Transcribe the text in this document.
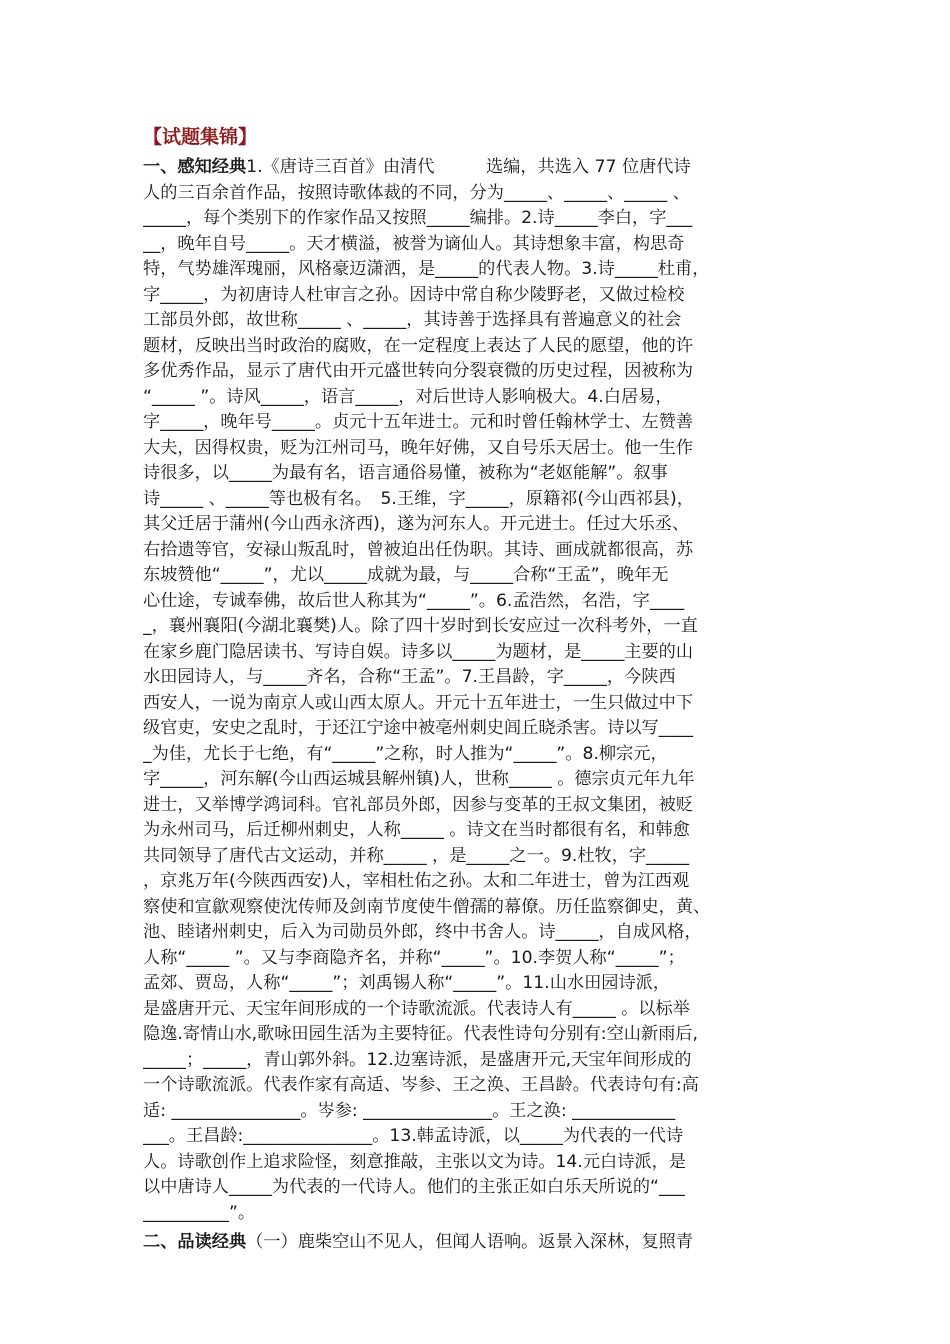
【试题集锦】
一、感知经典1.《唐诗三百首》由清代　　　选编，共选入 77 位唐代诗
人的三百余首作品，按照诗歌体裁的不同，分为_____、_____、_____ 、
_____，每个类别下的作家作品又按照_____编排。2.诗_____李白，字___
__，晚年自号_____。天才横溢，被誉为谪仙人。其诗想象丰富，构思奇
特，气势雄浑瑰丽，风格豪迈潇洒，是_____的代表人物。3.诗_____杜甫，
字_____，为初唐诗人杜审言之孙。因诗中常自称少陵野老，又做过检校
工部员外郎，故世称_____ 、_____，其诗善于选择具有普遍意义的社会
题材，反映出当时政治的腐败，在一定程度上表达了人民的愿望，他的许
多优秀作品，显示了唐代由开元盛世转向分裂衰微的历史过程，因被称为
“_____ ”。诗风_____，语言_____，对后世诗人影响极大。4.白居易，
字_____，晚年号_____。贞元十五年进士。元和时曾任翰林学士、左赞善
大夫，因得权贵，贬为江州司马，晚年好佛，又自号乐天居士。他一生作
诗很多，以_____为最有名，语言通俗易懂，被称为“老妪能解”。叙事
诗_____ 、_____等也极有名。　5.王维，字_____，原籍祁(今山西祁县)，
其父迁居于蒲州(今山西永济西)，遂为河东人。开元进士。任过大乐丞、
右拾遗等官，安禄山叛乱时，曾被迫出任伪职。其诗、画成就都很高，苏
东坡赞他“_____”，尤以_____成就为最，与_____合称“王孟”，晚年无
心仕途，专诚奉佛，故后世人称其为“_____”。6.孟浩然，名浩，字____
_，襄州襄阳(今湖北襄樊)人。除了四十岁时到长安应过一次科考外，一直
在家乡鹿门隐居读书、写诗自娱。诗多以_____为题材，是_____主要的山
水田园诗人，与_____齐名，合称“王孟”。7.王昌龄，字_____，今陕西
西安人，一说为南京人或山西太原人。开元十五年进士，一生只做过中下
级官吏，安史之乱时，于还江宁途中被亳州刺史闾丘晓杀害。诗以写____
_为佳，尤长于七绝，有“_____”之称，时人推为“_____”。8.柳宗元，
字_____，河东解(今山西运城县解州镇)人，世称_____ 。德宗贞元年九年
进士，又举博学鸿词科。官礼部员外郎，因参与变革的王叔文集团，被贬
为永州司马，后迁柳州刺史，人称_____ 。诗文在当时都很有名，和韩愈
共同领导了唐代古文运动，并称_____ ，是_____之一。9.杜牧，字_____
，京兆万年(今陕西西安)人，宰相杜佑之孙。太和二年进士，曾为江西观
察使和宣歙观察使沈传师及剑南节度使牛僧孺的幕僚。历任监察御史，黄、
池、睦诸州刺史，后入为司勋员外郎，终中书舍人。诗_____，自成风格，
人称“_____ ”。又与李商隐齐名，并称“_____”。10.李贺人称“_____”；
孟郊、贾岛，人称“_____”；刘禹锡人称“_____”。11.山水田园诗派，
是盛唐开元、天宝年间形成的一个诗歌流派。代表诗人有_____ 。以标举
隐逸.寄情山水,歌咏田园生活为主要特征。代表性诗句分别有:空山新雨后,
_____；_____，青山郭外斜。12.边塞诗派，是盛唐开元,天宝年间形成的
一个诗歌流派。代表作家有高适、岑参、王之涣、王昌龄。代表诗句有:高
适: _______________。岑参: _______________。王之涣: ____________
___。王昌龄:_______________。13.韩孟诗派，以_____为代表的一代诗
人。诗歌创作上追求险怪，刻意推敲，主张以文为诗。14.元白诗派，是
以中唐诗人_____为代表的一代诗人。他们的主张正如白乐天所说的“___
__________”。
二、品读经典（一）鹿柴空山不见人，但闻人语响。返景入深林，复照青
